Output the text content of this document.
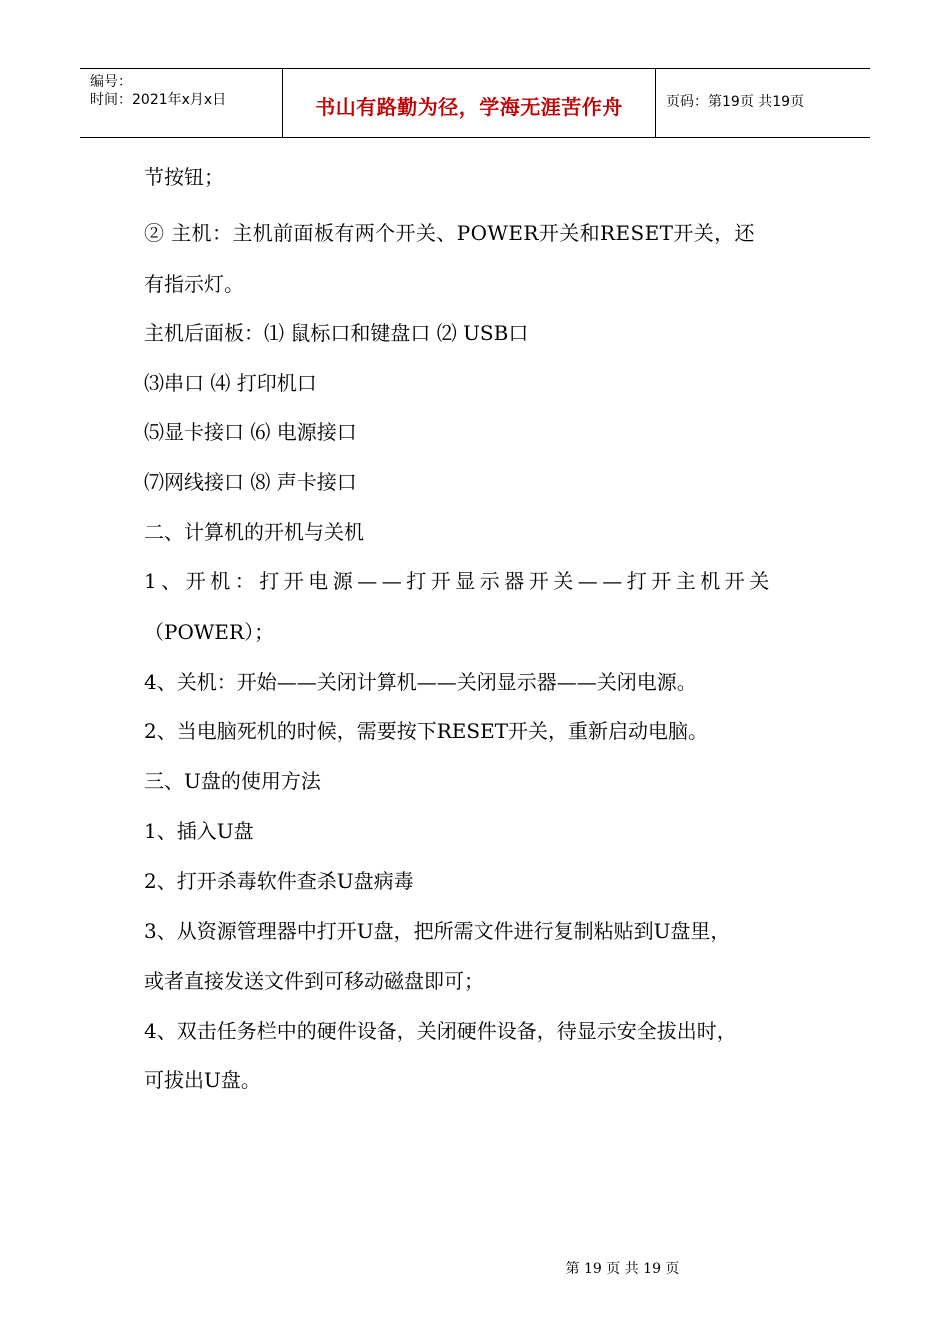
编号：
时间：2021年x月x日	书山有路勤为径，学海无涯苦作舟	页码：第19页 共19页
节按钮；
② 主机：主机前面板有两个开关、POWER开关和RESET开关，还
有指示灯。
主机后面板：⑴ 鼠标口和键盘口 ⑵ USB口
⑶串口 ⑷ 打印机口
⑸显卡接口 ⑹ 电源接口
⑺网线接口 ⑻ 声卡接口
二、计算机的开机与关机
1、开机：打开电源——打开显示器开关——打开主机开关
（POWER）；
4、关机：开始——关闭计算机——关闭显示器——关闭电源。
2、当电脑死机的时候，需要按下RESET开关，重新启动电脑。
三、U盘的使用方法
1、插入U盘
2、打开杀毒软件查杀U盘病毒
3、从资源管理器中打开U盘，把所需文件进行复制粘贴到U盘里，
或者直接发送文件到可移动磁盘即可；
4、双击任务栏中的硬件设备，关闭硬件设备，待显示安全拔出时，
可拔出U盘。
第 19 页 共 19 页
